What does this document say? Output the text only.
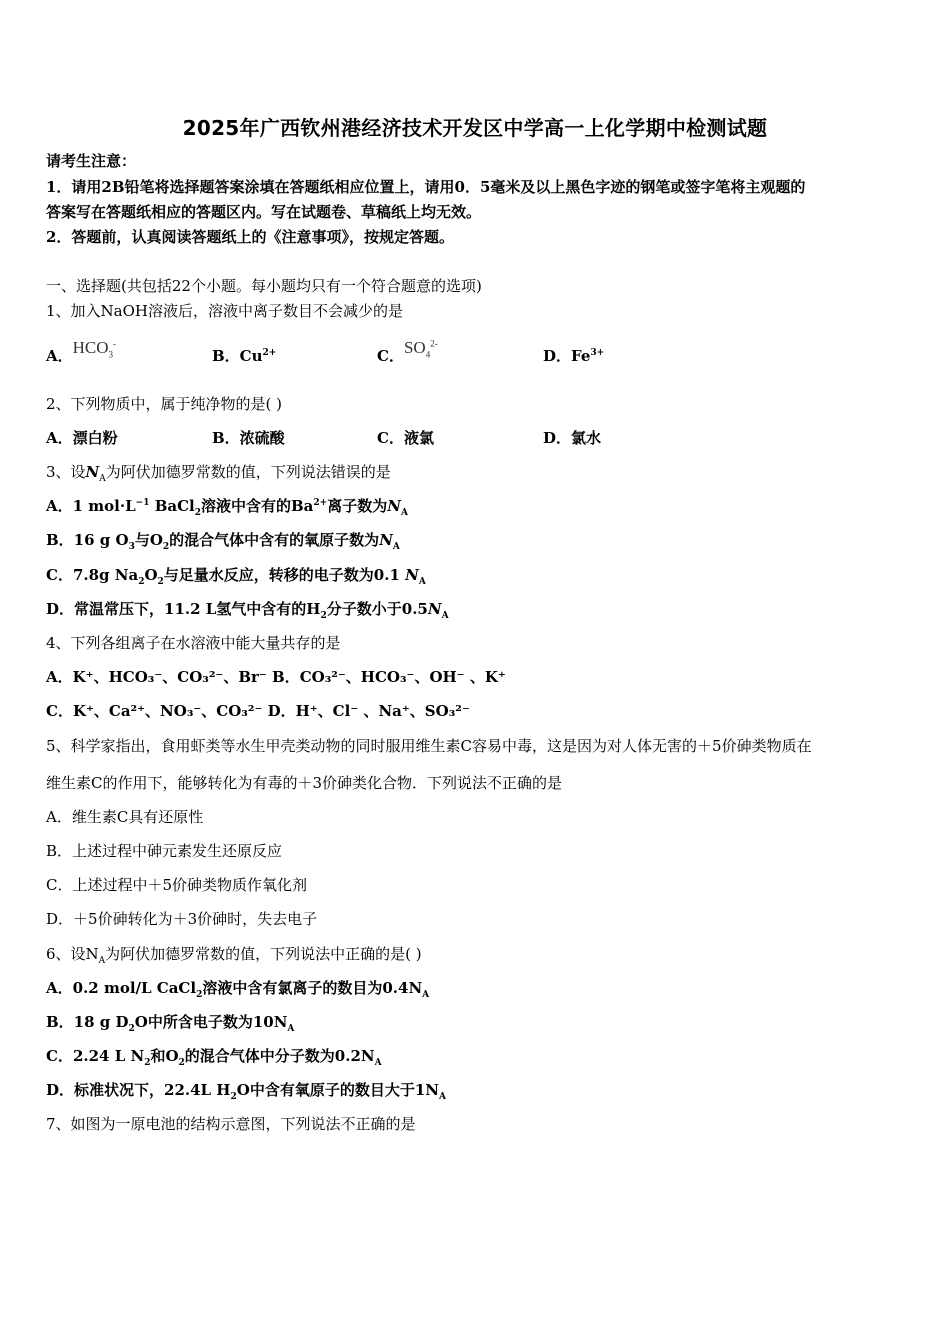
2025年广西钦州港经济技术开发区中学高一上化学期中检测试题
请考生注意：
1．请用2B铅笔将选择题答案涂填在答题纸相应位置上，请用0．5毫米及以上黑色字迹的钢笔或签字笔将主观题的
答案写在答题纸相应的答题区内。写在试题卷、草稿纸上均无效。
2．答题前，认真阅读答题纸上的《注意事项》，按规定答题。
一、选择题(共包括22个小题。每小题均只有一个符合题意的选项)
1、加入NaOH溶液后，溶液中离子数目不会减少的是
A．$HCO_3^-$
B．$Cu^{2+}$	C．$SO_4^{2-}$
D．$Fe^{3+}$
2、下列物质中，属于纯净物的是( )
A．漂白粉	B．浓硫酸	C．液氯	D．氯水
3、设$N_A$为阿伏加德罗常数的值，下列说法错误的是
A．1 $mol\cdot L^{-1}$ BaCl$_2$溶液中含有的$Ba^{2+}$离子数为$N_A$
B．16 g $O_3$与$O_2$的混合气体中含有的氧原子数为$N_A$
C．7.8g $Na_2O_2$与足量水反应，转移的电子数为0.1 $N_A$
D．常温常压下，11.2 L氢气中含有的$H_2$分子数小于$0.5N_A$
4、下列各组离子在水溶液中能大量共存的是
A．K⁺、HCO₃⁻、CO₃²⁻、Br⁻ B．CO₃²⁻、HCO₃⁻、OH⁻ 、K⁺
C．K⁺、Ca²⁺、NO₃⁻、CO₃²⁻ D．H⁺、Cl⁻ 、Na⁺、SO₃²⁻
5、科学家指出，食用虾类等水生甲壳类动物的同时服用维生素C容易中毒，这是因为对人体无害的＋5价砷类物质在
维生素C的作用下，能够转化为有毒的＋3价砷类化合物．下列说法不正确的是
A．维生素C具有还原性
B．上述过程中砷元素发生还原反应
C．上述过程中＋5价砷类物质作氧化剂
D．＋5价砷转化为＋3价砷时，失去电子
6、设$N_A$为阿伏加德罗常数的值，下列说法中正确的是( )
A．0.2 mol/L CaCl$_2$溶液中含有氯离子的数目为$0.4N_A$
B．18 g $D_2O$中所含电子数为$10N_A$
C．2.24 L $N_2$和$O_2$的混合气体中分子数为$0.2N_A$
D．标准状况下，22.4L $H_2O$中含有氧原子的数目大于$1N_A$
7、如图为一原电池的结构示意图，下列说法不正确的是
